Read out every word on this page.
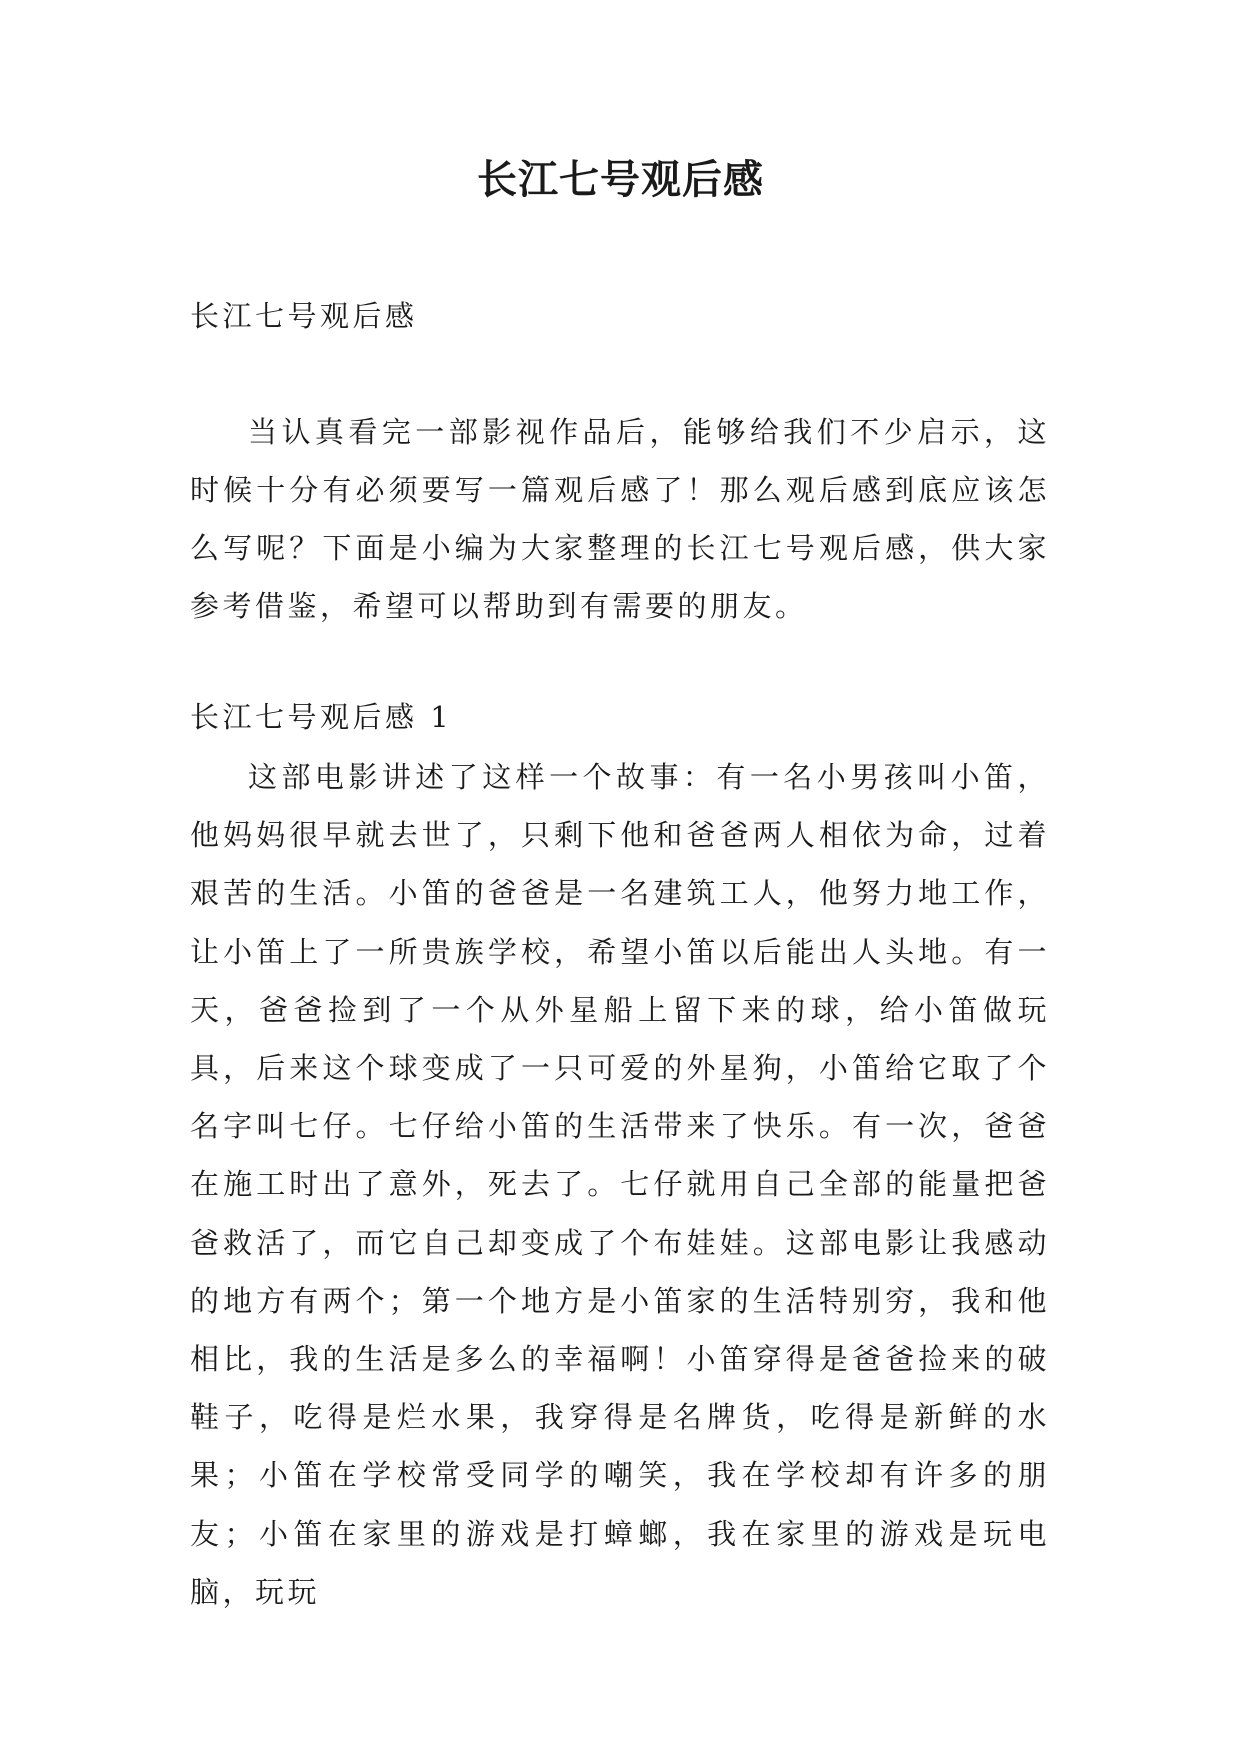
长江七号观后感

长江七号观后感

当认真看完一部影视作品后，能够给我们不少启示，这时候十分有必须要写一篇观后感了！那么观后感到底应该怎么写呢？下面是小编为大家整理的长江七号观后感，供大家参考借鉴，希望可以帮助到有需要的朋友。

长江七号观后感 1

这部电影讲述了这样一个故事：有一名小男孩叫小笛，他妈妈很早就去世了，只剩下他和爸爸两人相依为命，过着艰苦的生活。小笛的爸爸是一名建筑工人，他努力地工作，让小笛上了一所贵族学校，希望小笛以后能出人头地。有一天，爸爸捡到了一个从外星船上留下来的球，给小笛做玩具，后来这个球变成了一只可爱的外星狗，小笛给它取了个名字叫七仔。七仔给小笛的生活带来了快乐。有一次，爸爸在施工时出了意外，死去了。七仔就用自己全部的能量把爸爸救活了，而它自己却变成了个布娃娃。这部电影让我感动的地方有两个；第一个地方是小笛家的生活特别穷，我和他相比，我的生活是多么的幸福啊！小笛穿得是爸爸捡来的破鞋子，吃得是烂水果，我穿得是名牌货，吃得是新鲜的水果；小笛在学校常受同学的嘲笑，我在学校却有许多的朋友；小笛在家里的游戏是打蟑螂，我在家里的游戏是玩电脑，玩玩
